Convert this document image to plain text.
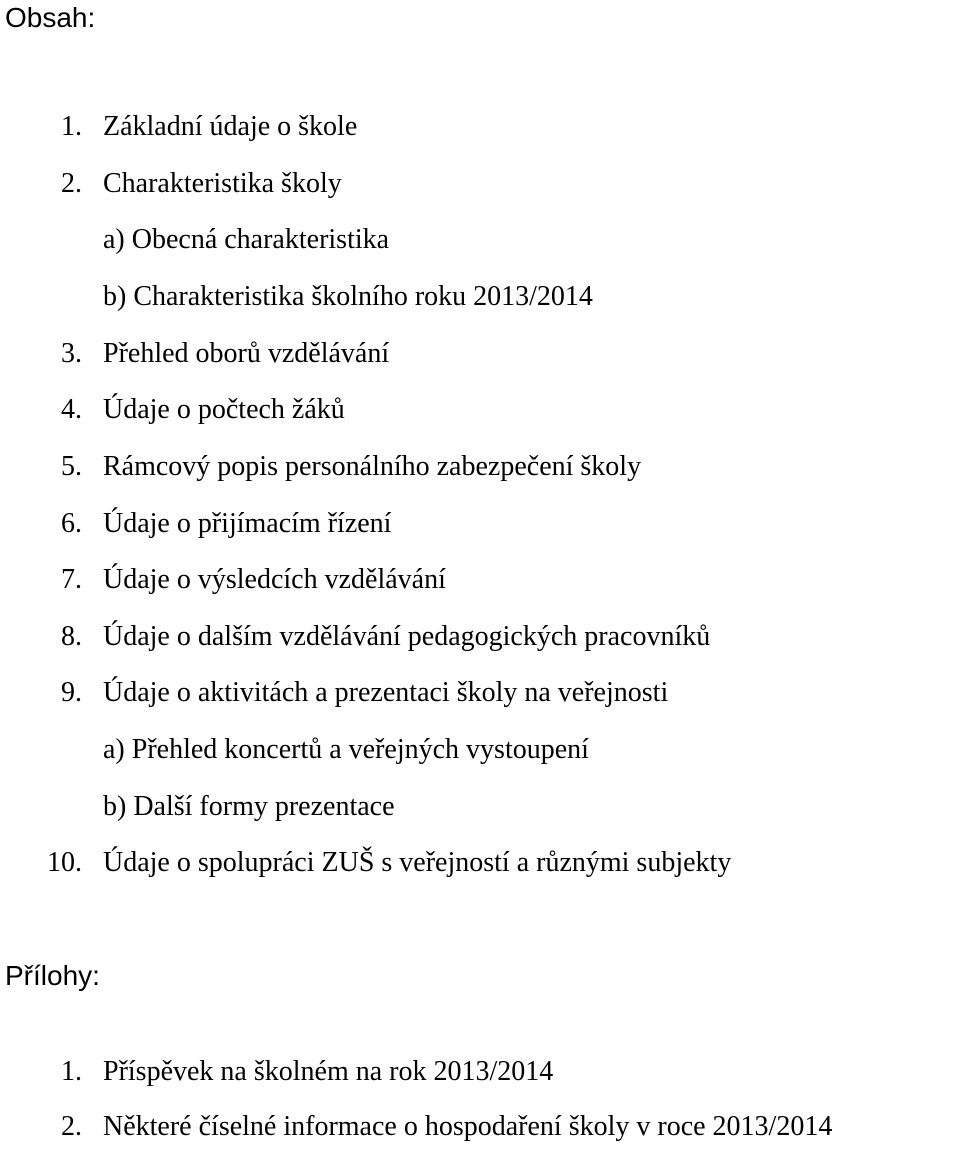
Obsah:
1. Základní údaje o škole
2. Charakteristika školy
a) Obecná charakteristika
b) Charakteristika školního roku 2013/2014
3. Přehled oborů vzdělávání
4. Údaje o počtech žáků
5. Rámcový popis personálního zabezpečení školy
6. Údaje o přijímacím řízení
7. Údaje o výsledcích vzdělávání
8. Údaje o dalším vzdělávání pedagogických pracovníků
9. Údaje o aktivitách a prezentaci školy na veřejnosti
a) Přehled koncertů a veřejných vystoupení
b) Další formy prezentace
10. Údaje o spolupráci ZUŠ s veřejností a různými subjekty
Přílohy:
1. Příspěvek na školném na rok 2013/2014
2. Některé číselné informace o hospodaření školy v roce 2013/2014
